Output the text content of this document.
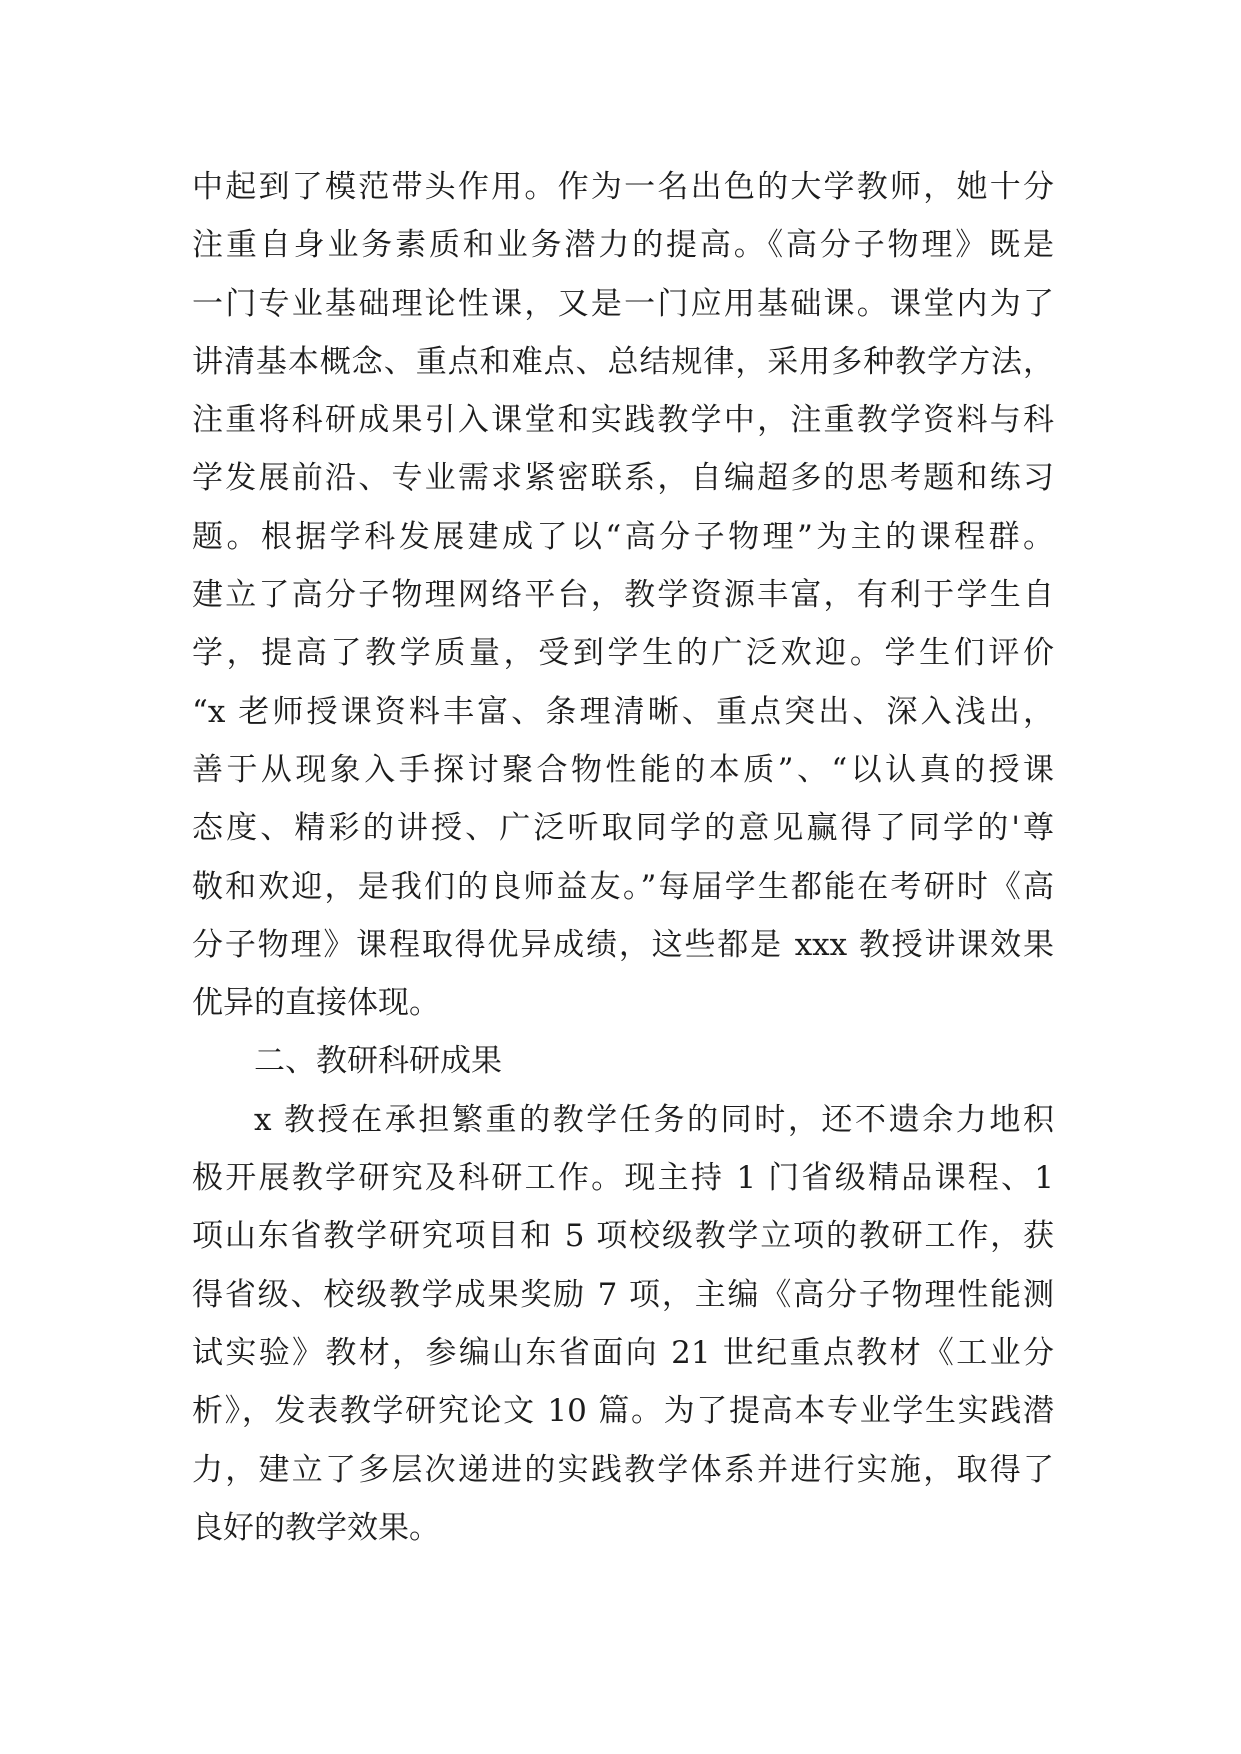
中起到了模范带头作用。作为一名出色的大学教师，她十分
注重自身业务素质和业务潜力的提高。《高分子物理》既是
一门专业基础理论性课，又是一门应用基础课。课堂内为了
讲清基本概念、重点和难点、总结规律，采用多种教学方法，
注重将科研成果引入课堂和实践教学中，注重教学资料与科
学发展前沿、专业需求紧密联系，自编超多的思考题和练习
题。根据学科发展建成了以“高分子物理”为主的课程群。
建立了高分子物理网络平台，教学资源丰富，有利于学生自
学，提高了教学质量，受到学生的广泛欢迎。学生们评价
“x 老师授课资料丰富、条理清晰、重点突出、深入浅出，
善于从现象入手探讨聚合物性能的本质”、“以认真的授课
态度、精彩的讲授、广泛听取同学的意见赢得了同学的'尊
敬和欢迎，是我们的良师益友。”每届学生都能在考研时《高
分子物理》课程取得优异成绩，这些都是 xxx 教授讲课效果
优异的直接体现。
二、教研科研成果
x 教授在承担繁重的教学任务的同时，还不遗余力地积
极开展教学研究及科研工作。现主持 1 门省级精品课程、1
项山东省教学研究项目和 5 项校级教学立项的教研工作，获
得省级、校级教学成果奖励 7 项，主编《高分子物理性能测
试实验》教材，参编山东省面向 21 世纪重点教材《工业分
析》，发表教学研究论文 10 篇。为了提高本专业学生实践潜
力，建立了多层次递进的实践教学体系并进行实施，取得了
良好的教学效果。
